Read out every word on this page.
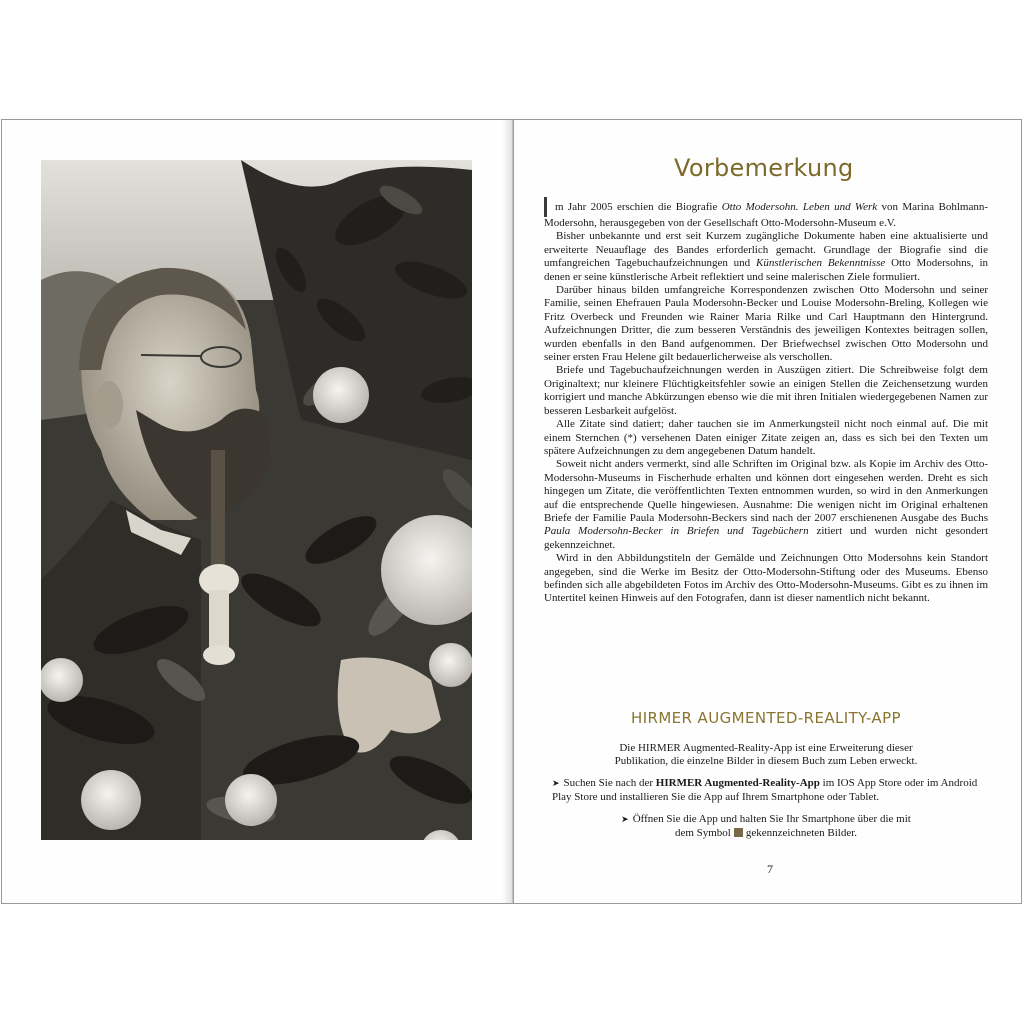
Vorbemerkung

m Jahr 2005 erschien die Biografie Otto Modersohn. Leben und Werk von Marina Bohlmann-Modersohn, herausgegeben von der Gesellschaft Otto-Modersohn-Museum e.V.

Bisher unbekannte und erst seit Kurzem zugängliche Dokumente haben eine aktualisierte und erweiterte Neuauflage des Bandes erforderlich gemacht. Grundlage der Biografie sind die umfangreichen Tagebuchaufzeichnungen und Künstlerischen Bekenntnisse Otto Modersohns, in denen er seine künstlerische Arbeit reflektiert und seine malerischen Ziele formuliert.

Darüber hinaus bilden umfangreiche Korrespondenzen zwischen Otto Modersohn und seiner Familie, seinen Ehefrauen Paula Modersohn-Becker und Louise Modersohn-Breling, Kollegen wie Fritz Overbeck und Freunden wie Rainer Maria Rilke und Carl Hauptmann den Hintergrund. Aufzeichnungen Dritter, die zum besseren Verständnis des jeweiligen Kontextes beitragen sollen, wurden ebenfalls in den Band aufgenommen. Der Briefwechsel zwischen Otto Modersohn und seiner ersten Frau Helene gilt bedauerlicherweise als verschollen.

Briefe und Tagebuchaufzeichnungen werden in Auszügen zitiert. Die Schreibweise folgt dem Originaltext; nur kleinere Flüchtigkeitsfehler sowie an einigen Stellen die Zeichensetzung wurden korrigiert und manche Abkürzungen ebenso wie die mit ihren Initialen wiedergegebenen Namen zur besseren Lesbarkeit aufgelöst.

Alle Zitate sind datiert; daher tauchen sie im Anmerkungsteil nicht noch einmal auf. Die mit einem Sternchen (*) versehenen Daten einiger Zitate zeigen an, dass es sich bei den Texten um spätere Aufzeichnungen zu dem angegebenen Datum handelt.

Soweit nicht anders vermerkt, sind alle Schriften im Original bzw. als Kopie im Archiv des Otto-Modersohn-Museums in Fischerhude erhalten und können dort eingesehen werden. Dreht es sich hingegen um Zitate, die veröffentlichten Texten entnommen wurden, so wird in den Anmerkungen auf die entsprechende Quelle hingewiesen. Ausnahme: Die wenigen nicht im Original erhaltenen Briefe der Familie Paula Modersohn-Beckers sind nach der 2007 erschienenen Ausgabe des Buchs Paula Modersohn-Becker in Briefen und Tagebüchern zitiert und wurden nicht gesondert gekennzeichnet.

Wird in den Abbildungstiteln der Gemälde und Zeichnungen Otto Modersohns kein Standort angegeben, sind die Werke im Besitz der Otto-Modersohn-Stiftung oder des Museums. Ebenso befinden sich alle abgebildeten Fotos im Archiv des Otto-Modersohn-Museums. Gibt es zu ihnen im Untertitel keinen Hinweis auf den Fotografen, dann ist dieser namentlich nicht bekannt.

HIRMER AUGMENTED-REALITY-APP

Die HIRMER Augmented-Reality-App ist eine Erweiterung dieser
Publikation, die einzelne Bilder in diesem Buch zum Leben erweckt.

➤ Suchen Sie nach der HIRMER Augmented-Reality-App im IOS App Store oder im Android Play Store und installieren Sie die App auf Ihrem Smartphone oder Tablet.

➤ Öffnen Sie die App und halten Sie Ihr Smartphone über die mit
dem Symbol gekennzeichneten Bilder.

7
